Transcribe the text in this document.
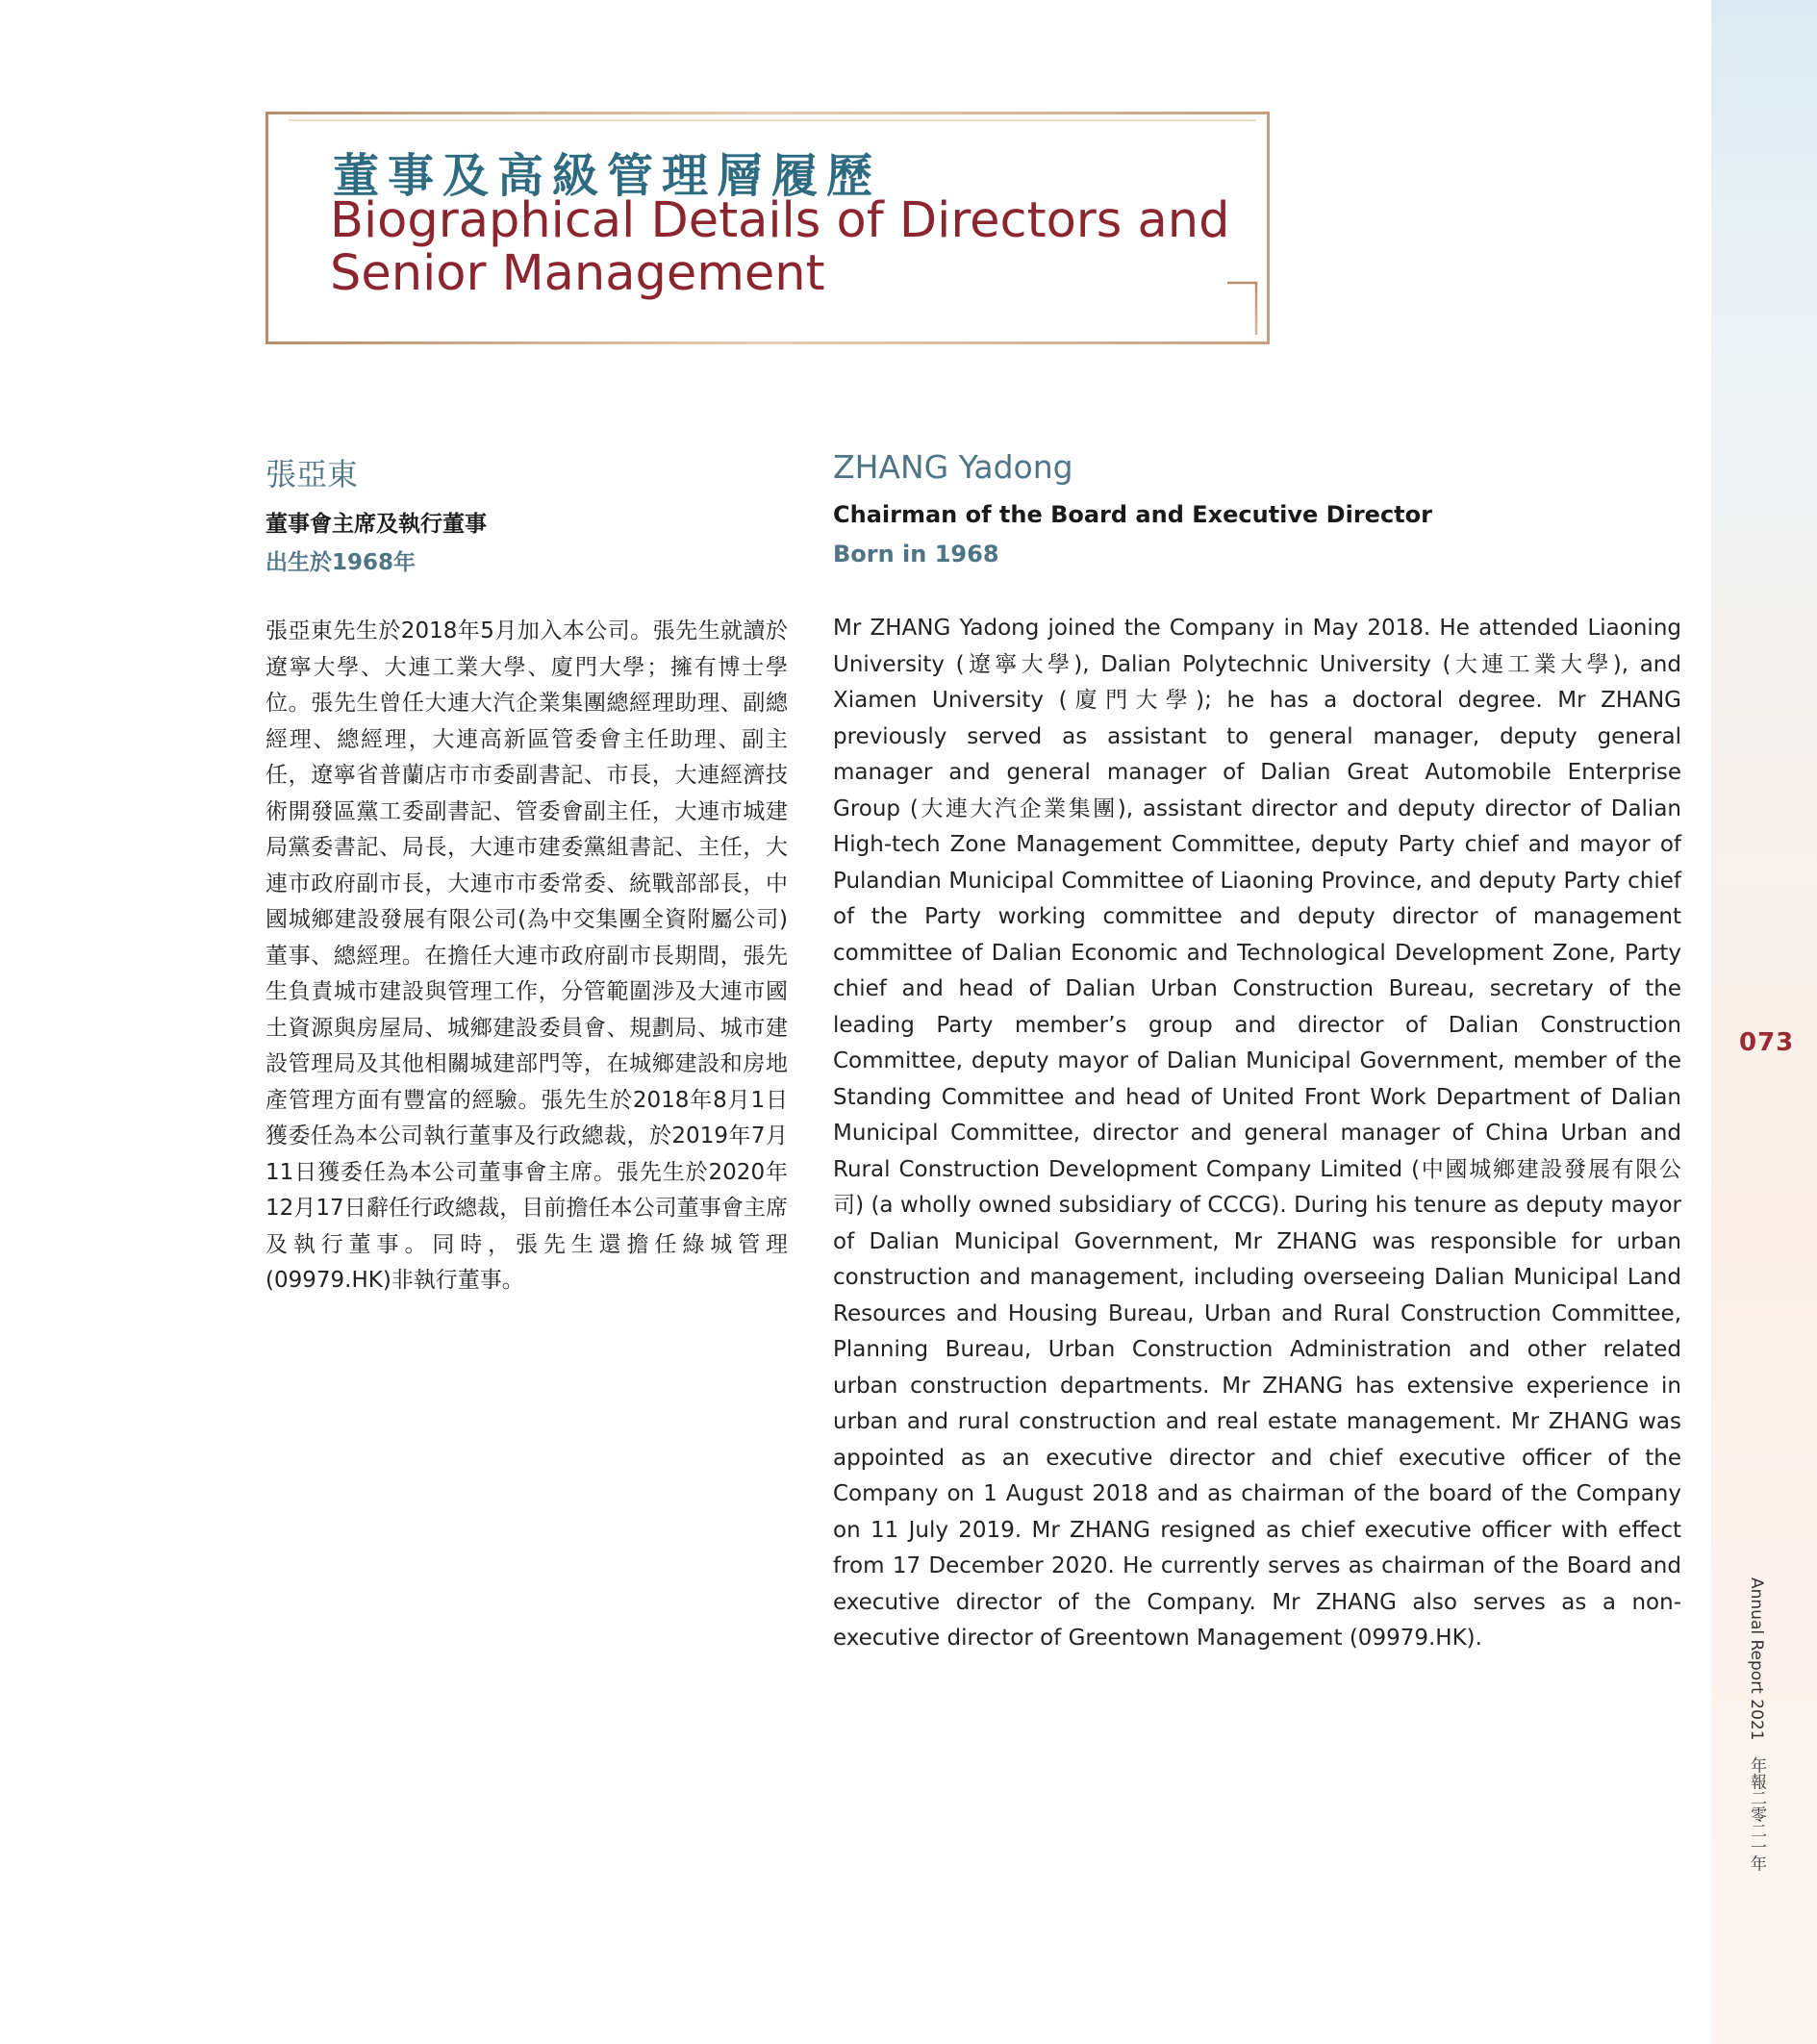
董事及高級管理層履歷
Biographical Details of Directors and Senior Management
張亞東
董事會主席及執行董事
出生於1968年
ZHANG Yadong
Chairman of the Board and Executive Director
Born in 1968

張亞東先生於2018年5月加入本公司。張先生就讀於遼寧大學、大連工業大學、廈門大學；擁有博士學位。張先生曾任大連大汽企業集團總經理助理、副總經理、總經理，大連高新區管委會主任助理、副主任，遼寧省普蘭店市市委副書記、市長，大連經濟技術開發區黨工委副書記、管委會副主任，大連市城建局黨委書記、局長，大連市建委黨組書記、主任，大連市政府副市長，大連市市委常委、統戰部部長，中國城鄉建設發展有限公司(為中交集團全資附屬公司)董事、總經理。在擔任大連市政府副市長期間，張先生負責城市建設與管理工作，分管範圍涉及大連市國土資源與房屋局、城鄉建設委員會、規劃局、城市建設管理局及其他相關城建部門等，在城鄉建設和房地產管理方面有豐富的經驗。張先生於2018年8月1日獲委任為本公司執行董事及行政總裁，於2019年7月11日獲委任為本公司董事會主席。張先生於2020年12月17日辭任行政總裁，目前擔任本公司董事會主席及執行董事。同時，張先生還擔任綠城管理(09979.HK)非執行董事。

Mr ZHANG Yadong joined the Company in May 2018. He attended Liaoning University (遼寧大學), Dalian Polytechnic University (大連工業大學), and Xiamen University (廈門大學); he has a doctoral degree. Mr ZHANG previously served as assistant to general manager, deputy general manager and general manager of Dalian Great Automobile Enterprise Group (大連大汽企業集團), assistant director and deputy director of Dalian High-tech Zone Management Committee, deputy Party chief and mayor of Pulandian Municipal Committee of Liaoning Province, and deputy Party chief of the Party working committee and deputy director of management committee of Dalian Economic and Technological Development Zone, Party chief and head of Dalian Urban Construction Bureau, secretary of the leading Party member’s group and director of Dalian Construction Committee, deputy mayor of Dalian Municipal Government, member of the Standing Committee and head of United Front Work Department of Dalian Municipal Committee, director and general manager of China Urban and Rural Construction Development Company Limited (中國城鄉建設發展有限公司) (a wholly owned subsidiary of CCCG). During his tenure as deputy mayor of Dalian Municipal Government, Mr ZHANG was responsible for urban construction and management, including overseeing Dalian Municipal Land Resources and Housing Bureau, Urban and Rural Construction Committee, Planning Bureau, Urban Construction Administration and other related urban construction departments. Mr ZHANG has extensive experience in urban and rural construction and real estate management. Mr ZHANG was appointed as an executive director and chief executive officer of the Company on 1 August 2018 and as chairman of the board of the Company on 11 July 2019. Mr ZHANG resigned as chief executive officer with effect from 17 December 2020. He currently serves as chairman of the Board and executive director of the Company. Mr ZHANG also serves as a non-executive director of Greentown Management (09979.HK).

073
Annual Report 2021　年報二零二一年
